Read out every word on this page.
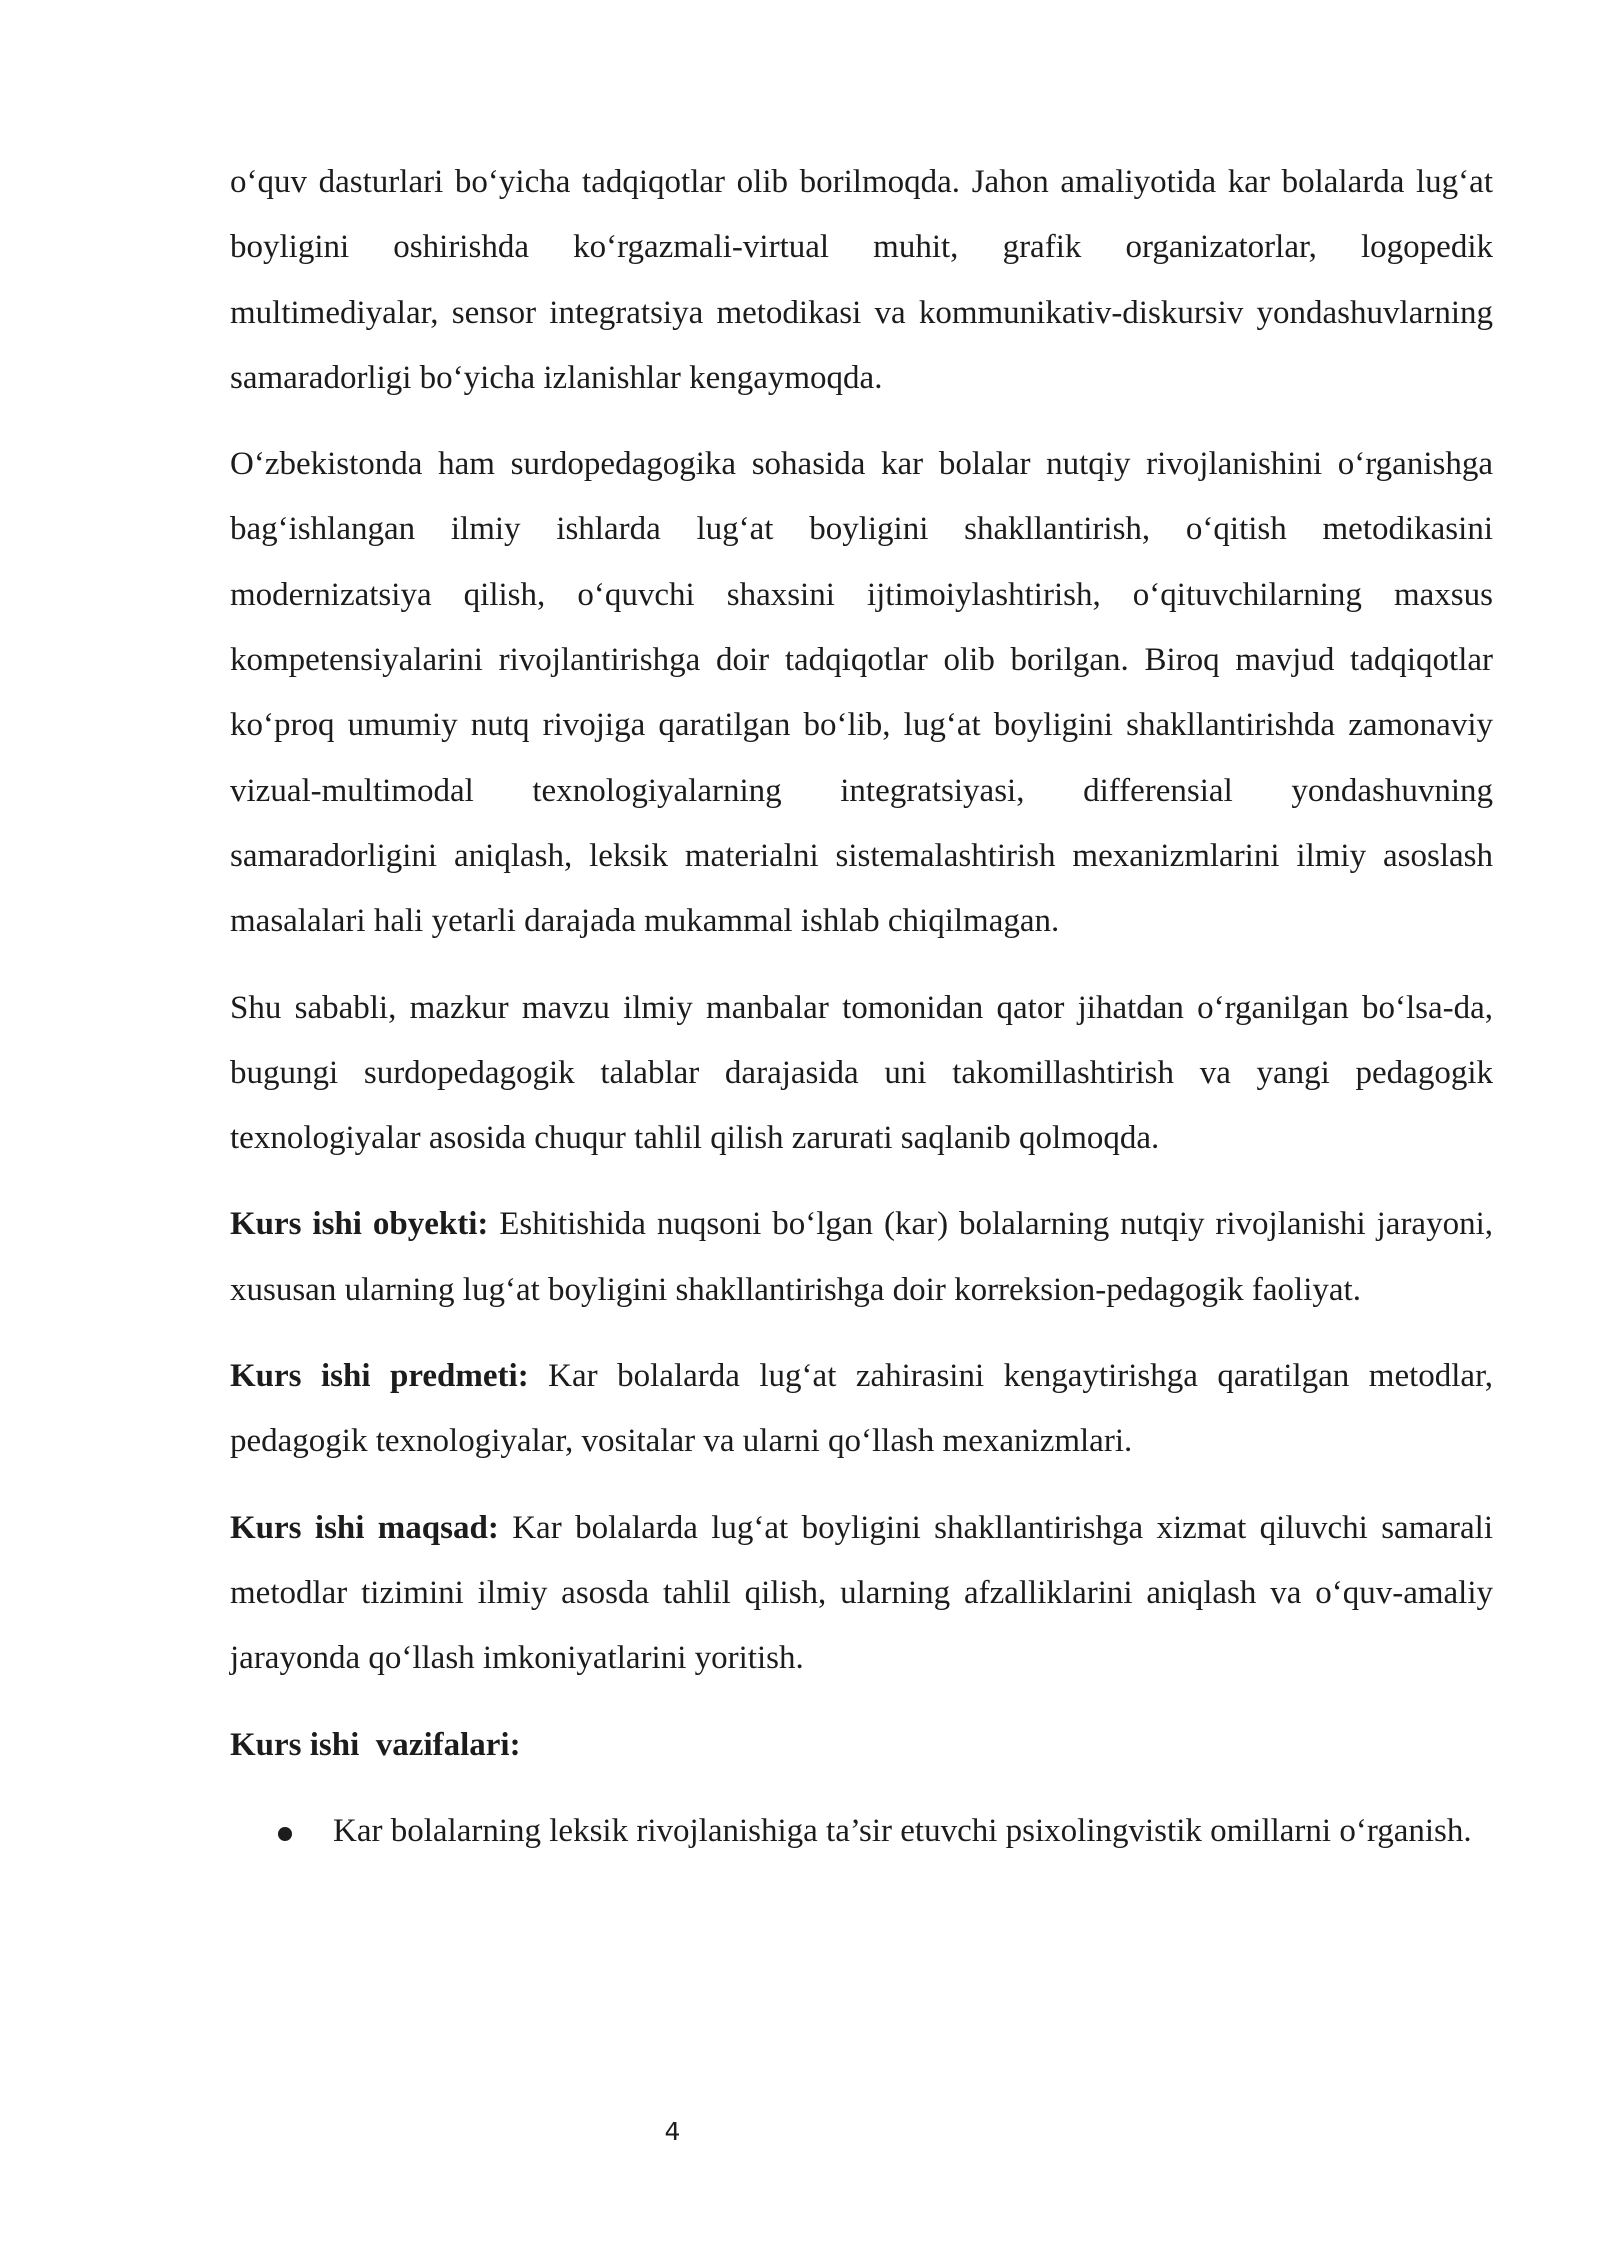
o‘quv dasturlari bo‘yicha tadqiqotlar olib borilmoqda. Jahon amaliyotida kar bolalarda lug‘at boyligini oshirishda ko‘rgazmali-virtual muhit, grafik organizatorlar, logopedik multimediyalar, sensor integratsiya metodikasi va kommunikativ-diskursiv yondashuvlarning samaradorligi bo‘yicha izlanishlar kengaymoqda.

O‘zbekistonda ham surdopedagogika sohasida kar bolalar nutqiy rivojlanishini o‘rganishga bag‘ishlangan ilmiy ishlarda lug‘at boyligini shakllantirish, o‘qitish metodikasini modernizatsiya qilish, o‘quvchi shaxsini ijtimoiylashtirish, o‘qituvchilarning maxsus kompetensiyalarini rivojlantirishga doir tadqiqotlar olib borilgan. Biroq mavjud tadqiqotlar ko‘proq umumiy nutq rivojiga qaratilgan bo‘lib, lug‘at boyligini shakllantirishda zamonaviy vizual-multimodal texnologiyalarning integratsiyasi, differensial yondashuvning samaradorligini aniqlash, leksik materialni sistemalashtirish mexanizmlarini ilmiy asoslash masalalari hali yetarli darajada mukammal ishlab chiqilmagan.

Shu sababli, mazkur mavzu ilmiy manbalar tomonidan qator jihatdan o‘rganilgan bo‘lsa-da, bugungi surdopedagogik talablar darajasida uni takomillashtirish va yangi pedagogik texnologiyalar asosida chuqur tahlil qilish zarurati saqlanib qolmoqda.

Kurs ishi obyekti: Eshitishida nuqsoni bo‘lgan (kar) bolalarning nutqiy rivojlanishi jarayoni, xususan ularning lug‘at boyligini shakllantirishga doir korreksion-pedagogik faoliyat.

Kurs ishi predmeti: Kar bolalarda lug‘at zahirasini kengaytirishga qaratilgan metodlar, pedagogik texnologiyalar, vositalar va ularni qo‘llash mexanizmlari.

Kurs ishi maqsad: Kar bolalarda lug‘at boyligini shakllantirishga xizmat qiluvchi samarali metodlar tizimini ilmiy asosda tahlil qilish, ularning afzalliklarini aniqlash va o‘quv-amaliy jarayonda qo‘llash imkoniyatlarini yoritish.

Kurs ishi  vazifalari:

Kar bolalarning leksik rivojlanishiga ta’sir etuvchi psixolingvistik omillarni o‘rganish.
4
